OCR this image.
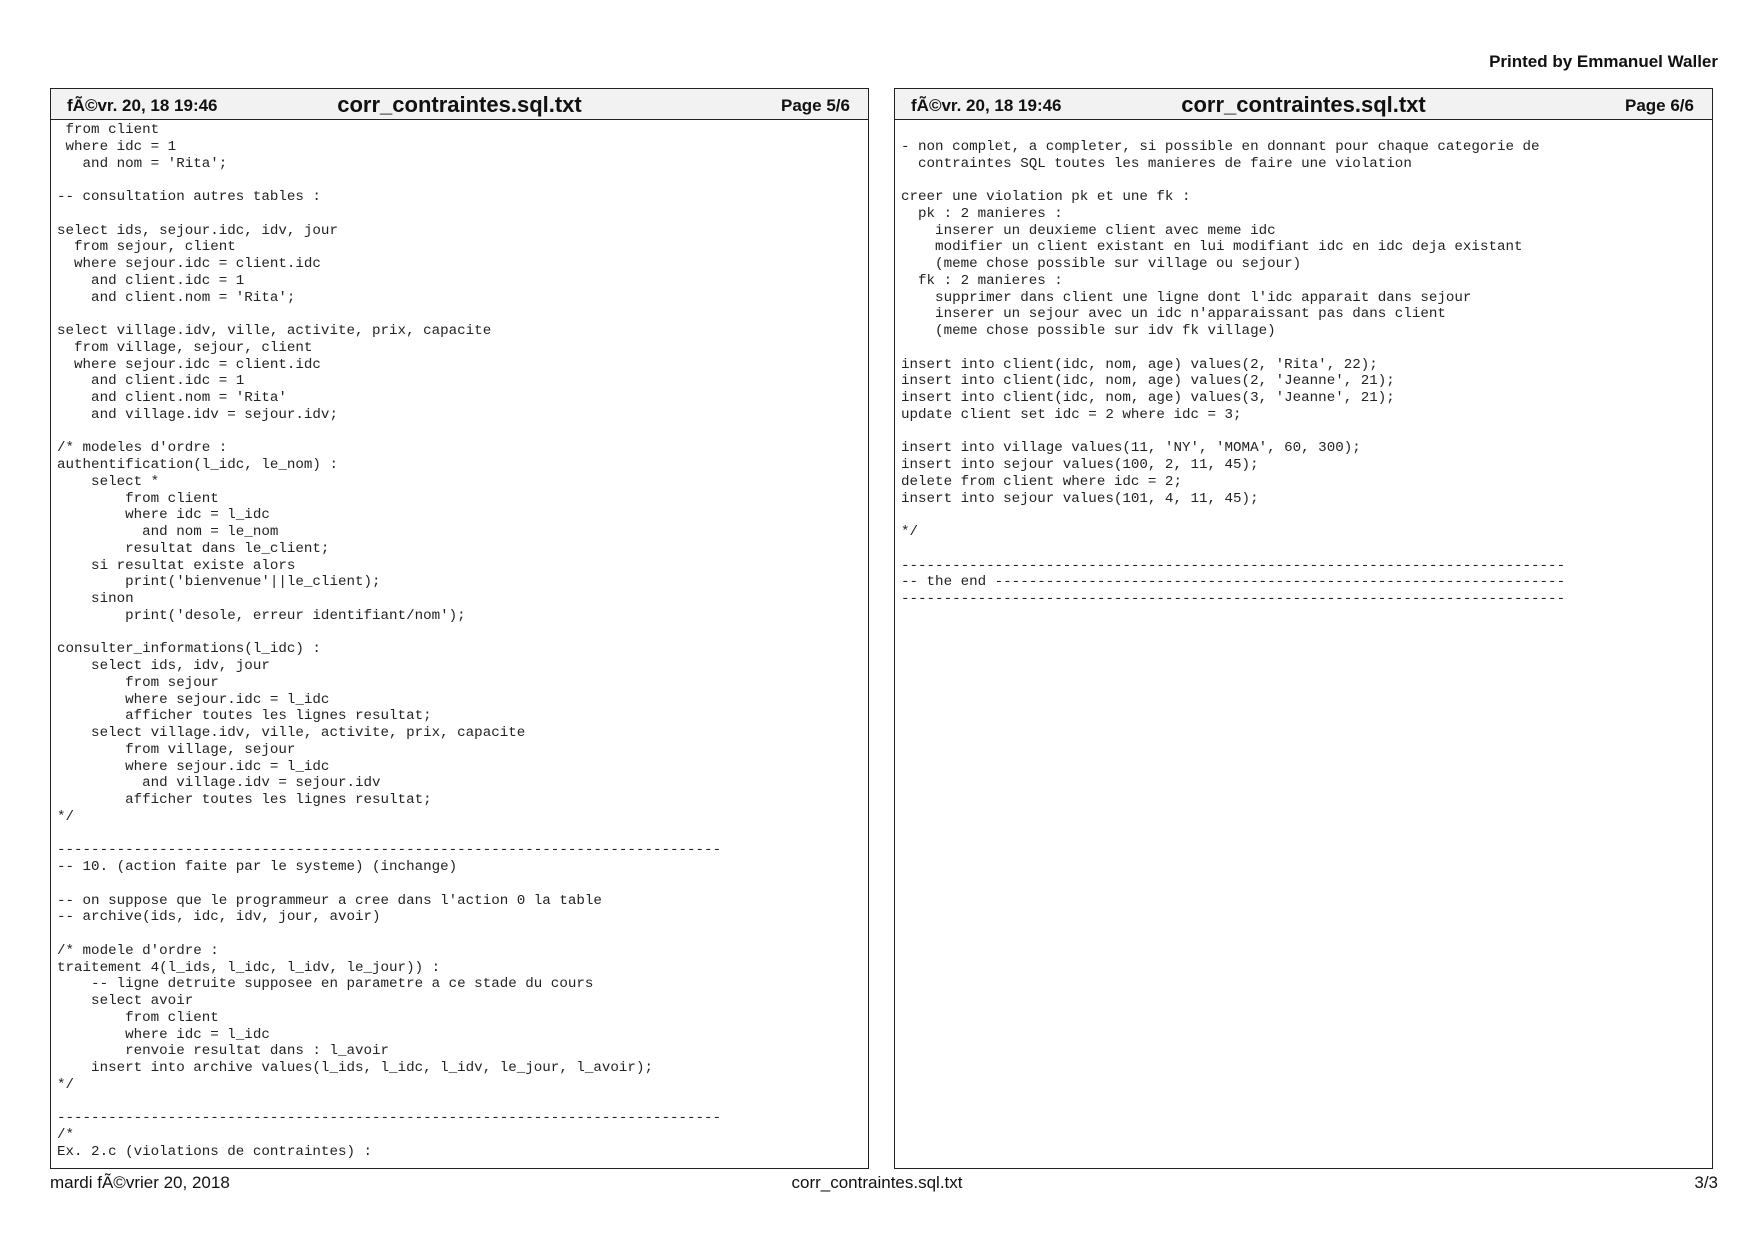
Printed by Emmanuel Waller
fÃ©vr. 20, 18 19:46	corr_contraintes.sql.txt	Page 5/6
from client
where idc = 1
and nom = 'Rita';

-- consultation autres tables :

select ids, sejour.idc, idv, jour
from sejour, client
where sejour.idc = client.idc
and client.idc = 1
and client.nom = 'Rita';

select village.idv, ville, activite, prix, capacite
from village, sejour, client
where sejour.idc = client.idc
and client.idc = 1
and client.nom = 'Rita'
and village.idv = sejour.idv;

/* modeles d'ordre :
authentification(l_idc, le_nom) :
select *
from client
where idc = l_idc
and nom = le_nom
resultat dans le_client;
si resultat existe alors
print('bienvenue'||le_client);
sinon
print('desole, erreur identifiant/nom');

consulter_informations(l_idc) :
select ids, idv, jour
from sejour
where sejour.idc = l_idc
afficher toutes les lignes resultat;
select village.idv, ville, activite, prix, capacite
from village, sejour
where sejour.idc = l_idc
and village.idv = sejour.idv
afficher toutes les lignes resultat;
*/

------------------------------------------------------------------------------
-- 10. (action faite par le systeme) (inchange)

-- on suppose que le programmeur a cree dans l'action 0 la table
-- archive(ids, idc, idv, jour, avoir)

/* modele d'ordre :
traitement 4(l_ids, l_idc, l_idv, le_jour)) :
-- ligne detruite supposee en parametre a ce stade du cours
select avoir
from client
where idc = l_idc
renvoie resultat dans : l_avoir
insert into archive values(l_ids, l_idc, l_idv, le_jour, l_avoir);
*/

------------------------------------------------------------------------------
/*
Ex. 2.c (violations de contraintes) :
fÃ©vr. 20, 18 19:46	corr_contraintes.sql.txt	Page 6/6

- non complet, a completer, si possible en donnant pour chaque categorie de
contraintes SQL toutes les manieres de faire une violation

creer une violation pk et une fk :
pk : 2 manieres :
inserer un deuxieme client avec meme idc
modifier un client existant en lui modifiant idc en idc deja existant
(meme chose possible sur village ou sejour)
fk : 2 manieres :
supprimer dans client une ligne dont l'idc apparait dans sejour
inserer un sejour avec un idc n'apparaissant pas dans client
(meme chose possible sur idv fk village)

insert into client(idc, nom, age) values(2, 'Rita', 22);
insert into client(idc, nom, age) values(2, 'Jeanne', 21);
insert into client(idc, nom, age) values(3, 'Jeanne', 21);
update client set idc = 2 where idc = 3;

insert into village values(11, 'NY', 'MOMA', 60, 300);
insert into sejour values(100, 2, 11, 45);
delete from client where idc = 2;
insert into sejour values(101, 4, 11, 45);

*/

------------------------------------------------------------------------------
-- the end -------------------------------------------------------------------
------------------------------------------------------------------------------
mardi fÃ©vrier 20, 2018	corr_contraintes.sql.txt	3/3
